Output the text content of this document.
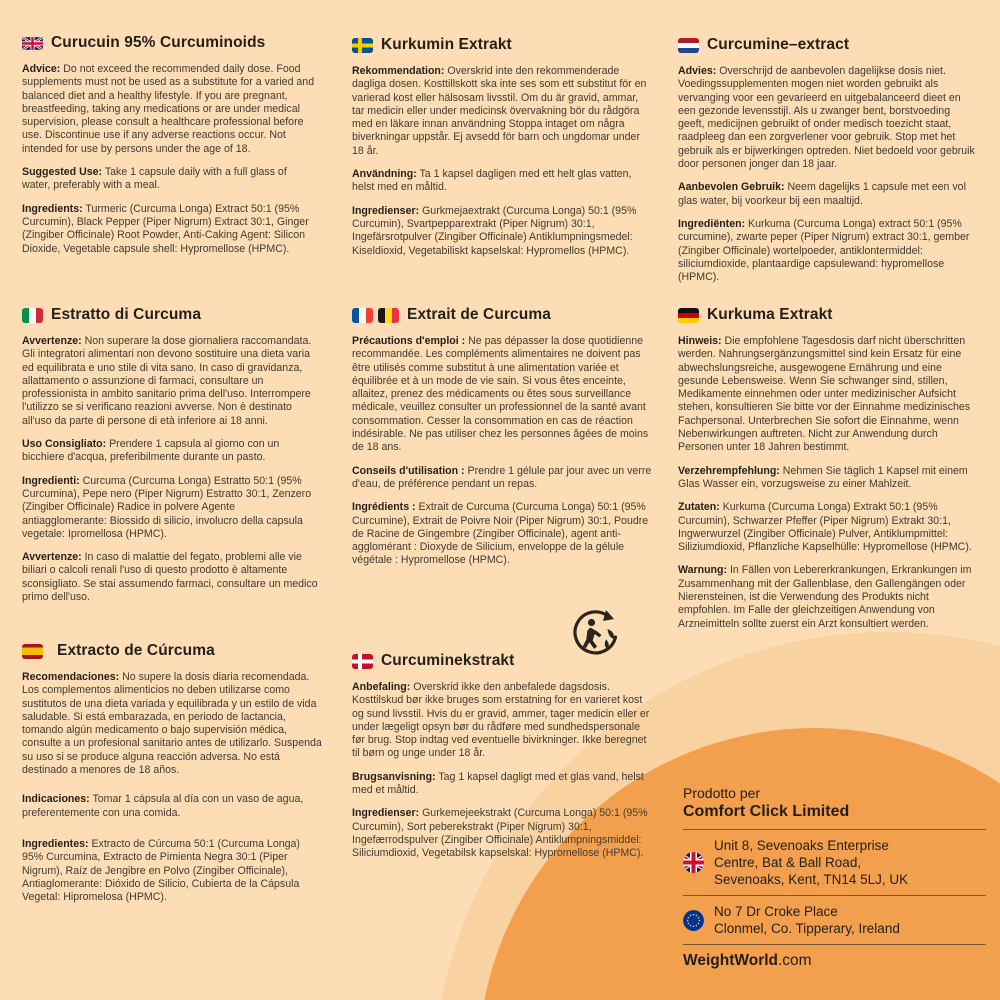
Curucuin 95% Curcuminoids

Advice: Do not exceed the recommended daily dose. Food supplements must not be used as a substitute for a varied and balanced diet and a healthy lifestyle. If you are pregnant, breastfeeding, taking any medications or are under medical supervision, please consult a healthcare professional before use. Discontinue use if any adverse reactions occur. Not intended for use by persons under the age of 18.

Suggested Use: Take 1 capsule daily with a full glass of water, preferably with a meal.

Ingredients: Turmeric (Curcuma Longa) Extract 50:1 (95% Curcumin), Black Pepper (Piper Nigrum) Extract 30:1, Ginger (Zingiber Officinale) Root Powder, Anti-Caking Agent: Silicon Dioxide, Vegetable capsule shell: Hypromellose (HPMC).

Kurkumin Extrakt

Rekommendation: Overskrid inte den rekommenderade dagliga dosen. Kosttillskott ska inte ses som ett substitut för en varierad kost eller hälsosam livsstil. Om du är gravid, ammar, tar medicin eller under medicinsk övervakning bör du rådgöra med en läkare innan användning Stoppa intaget om några biverkningar uppstår. Ej avsedd för barn och ungdomar under 18 år.

Användning: Ta 1 kapsel dagligen med ett helt glas vatten, helst med en måltid.

Ingredienser: Gurkmejaextrakt (Curcuma Longa) 50:1 (95% Curcumin), Svartpepparextrakt (Piper Nigrum) 30:1, Ingefärsrotpulver (Zingiber Officinale) Antiklumpningsmedel: Kiseldioxid, Vegetabiliskt kapselskal: Hypromellos (HPMC).

Curcumine–extract

Advies: Overschrijd de aanbevolen dagelijkse dosis niet. Voedingssupplementen mogen niet worden gebruikt als vervanging voor een gevarieerd en uitgebalanceerd dieet en een gezonde levensstijl. Als u zwanger bent, borstvoeding geeft, medicijnen gebruikt of onder medisch toezicht staat, raadpleeg dan een zorgverlener voor gebruik. Stop met het gebruik als er bijwerkingen optreden. Niet bedoeld voor gebruik door personen jonger dan 18 jaar.

Aanbevolen Gebruik: Neem dagelijks 1 capsule met een vol glas water, bij voorkeur bij een maaltijd.

Ingrediënten: Kurkuma (Curcuma Longa) extract 50:1 (95% curcumine), zwarte peper (Piper Nigrum) extract 30:1, gember (Zingiber Officinale) wortelpoeder, antiklontermiddel: siliciumdioxide, plantaardige capsulewand: hypromellose (HPMC).

Estratto di Curcuma

Avvertenze: Non superare la dose giornaliera raccomandata. Gli integratori alimentari non devono sostituire una dieta varia ed equilibrata e uno stile di vita sano. In caso di gravidanza, allattamento o assunzione di farmaci, consultare un professionista in ambito sanitario prima dell'uso. Interrompere l'utilizzo se si verificano reazioni avverse. Non è destinato all'uso da parte di persone di età inferiore ai 18 anni.

Uso Consigliato: Prendere 1 capsula al giorno con un bicchiere d'acqua, preferibilmente durante un pasto.

Ingredienti: Curcuma (Curcuma Longa) Estratto 50:1 (95% Curcumina), Pepe nero (Piper Nigrum) Estratto 30:1, Zenzero (Zingiber Officinale) Radice in polvere Agente antiagglomerante: Biossido di silicio, involucro della capsula vegetale: Ipromellosa (HPMC).

Avvertenze: In caso di malattie del fegato, problemi alle vie biliari o calcoli renali l'uso di questo prodotto è altamente sconsigliato. Se stai assumendo farmaci, consultare un medico primo dell'uso.

Extrait de Curcuma

Précautions d'emploi : Ne pas dépasser la dose quotidienne recommandée. Les compléments alimentaires ne doivent pas être utilisés comme substitut à une alimentation variée et équilibrée et à un mode de vie sain. Si vous êtes enceinte, allaitez, prenez des médicaments ou êtes sous surveillance médicale, veuillez consulter un professionnel de la santé avant consommation. Cesser la consommation en cas de réaction indésirable. Ne pas utiliser chez les personnes âgées de moins de 18 ans.

Conseils d'utilisation : Prendre 1 gélule par jour avec un verre d'eau, de préférence pendant un repas.

Ingrédients : Extrait de Curcuma (Curcuma Longa) 50:1 (95% Curcumine), Extrait de Poivre Noir (Piper Nigrum) 30:1, Poudre de Racine de Gingembre (Zingiber Officinale), agent anti-agglomérant : Dioxyde de Silicium, enveloppe de la gélule végétale : Hypromellose (HPMC).

Kurkuma Extrakt

Hinweis: Die empfohlene Tagesdosis darf nicht überschritten werden. Nahrungsergänzungsmittel sind kein Ersatz für eine abwechslungsreiche, ausgewogene Ernährung und eine gesunde Lebensweise. Wenn Sie schwanger sind, stillen, Medikamente einnehmen oder unter medizinischer Aufsicht stehen, konsultieren Sie bitte vor der Einnahme medizinisches Fachpersonal. Unterbrechen Sie sofort die Einnahme, wenn Nebenwirkungen auftreten. Nicht zur Anwendung durch Personen unter 18 Jahren bestimmt.

Verzehrempfehlung: Nehmen Sie täglich 1 Kapsel mit einem Glas Wasser ein, vorzugsweise zu einer Mahlzeit.

Zutaten: Kurkuma (Curcuma Longa) Extrakt 50:1 (95% Curcumin), Schwarzer Pfeffer (Piper Nigrum) Extrakt 30:1, Ingwerwurzel (Zingiber Officinale) Pulver, Antiklumpmittel: Siliziumdioxid, Pflanzliche Kapselhülle: Hypromellose (HPMC).

Warnung: In Fällen von Lebererkrankungen, Erkrankungen im Zusammenhang mit der Gallenblase, den Gallengängen oder Nierensteinen, ist die Verwendung des Produkts nicht empfohlen. Im Falle der gleichzeitigen Anwendung von Arzneimitteln sollte zuerst ein Arzt konsultiert werden.

Extracto de Cúrcuma

Recomendaciones: No supere la dosis diaria recomendada. Los complementos alimenticios no deben utilizarse como sustitutos de una dieta variada y equilibrada y un estilo de vida saludable. Si está embarazada, en periodo de lactancia, tomando algún medicamento o bajo supervisión médica, consulte a un profesional sanitario antes de utilizarlo. Suspenda su uso si se produce alguna reacción adversa. No está destinado a menores de 18 años.

Indicaciones: Tomar 1 cápsula al día con un vaso de agua, preferentemente con una comida.

Ingredientes: Extracto de Cúrcuma 50:1 (Curcuma Longa) 95% Curcumina, Extracto de Pimienta Negra 30:1 (Piper Nigrum), Raíz de Jengibre en Polvo (Zingiber Officinale), Antiaglomerante: Dióxido de Silicio, Cubierta de la Cápsula Vegetal: Hipromelosa (HPMC).

Curcuminekstrakt

Anbefaling: Overskrid ikke den anbefalede dagsdosis. Kosttilskud bør ikke bruges som erstatning for en varieret kost og sund livsstil. Hvis du er gravid, ammer, tager medicin eller er under lægeligt opsyn bør du rådføre med sundhedspersonale før brug. Stop indtag ved eventuelle bivirkninger. Ikke beregnet til børn og unge under 18 år.

Brugsanvisning: Tag 1 kapsel dagligt med et glas vand, helst med et måltid.

Ingredienser: Gurkemejeekstrakt (Curcuma Longa) 50:1 (95% Curcumin), Sort peberekstrakt (Piper Nigrum) 30:1, Ingefærrodspulver (Zingiber Officinale) Antiklumpningsmiddel: Siliciumdioxid, Vegetabilsk kapselskal: Hypromellose (HPMC).

Prodotto per
Comfort Click Limited
Unit 8, Sevenoaks Enterprise
Centre, Bat & Ball Road,
Sevenoaks, Kent, TN14 5LJ, UK
No 7 Dr Croke Place
Clonmel, Co. Tipperary, Ireland
WeightWorld.com
